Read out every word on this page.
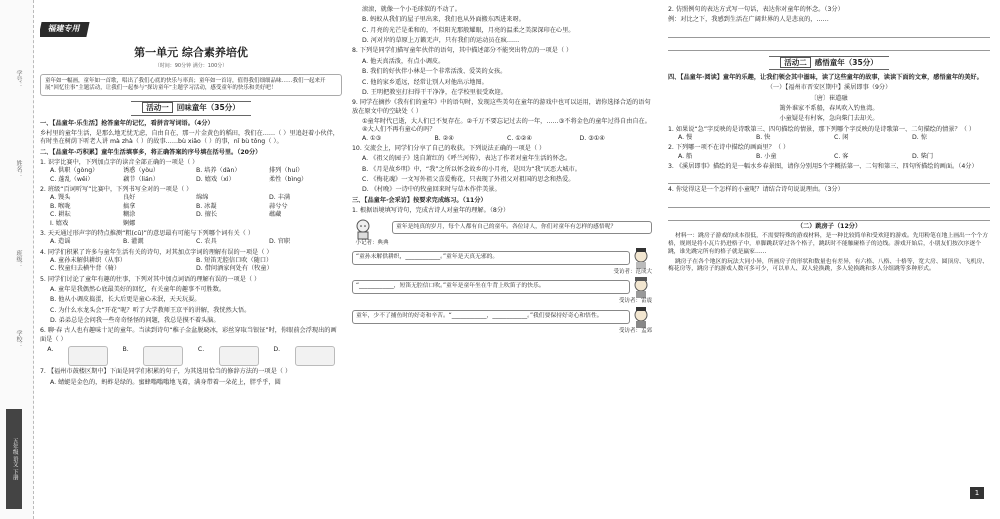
学号：
姓名：
班级：
学校：
五年级 语文 下册
福建专用
第一单元 综合素养培优
（时间：90分钟 满分：100分）
童年如一幅画，童年如一首歌，唱出了我们心底的快乐与率真；童年如一首诗，值得我们细细品味……我们一起来开展“回忆往事”主题活动，让我们一起参与“探访童年”主题学习活动，感受童年的快乐和美好吧！
活动一 回味童年（35分）
一、【品童年·乐生活】抢答童年的记忆，看拼音写词语。（4分）
乡村里的童年生活，是那么地无忧无虑，自由自在，那一片金黄色的稻田，我们在……（ ）里追赶着小伙伴，有时坐在树荫下听老人讲 mà zhà（ ）的故事……bù xiǎo（ ）的事，nǐ bù tǒng（ ）。
二、【品童年·巧积累】童年生活填事多，将正确答案的序号填在括号里。（20分）
1. 识字比赛中，下列加点字的读音全部正确的一项是（ ）
A. 供职（gòng）	诱惑（yòu）	B. 培养（dàn）	排列（huí）
C. 蓬乱（wēi）	藕节（lián）	D. 嬉戏（xì）	柔性（bìng）
2. 班级“百词听写”比赛中，下列书写全对的一项是（ ）
A. 馒头	良好	绵绵	D. 丰满
B. 喉咙	搞拿	B. 冰凝	蒜兮兮
C. 耕耘	糊涂	D. 擅长	蕴藏
I. 嬉戏	婀娜
3. 天天通过形声字的特点推测“粗(cū)”的意思最有可能与下列哪个词有关（ ）
A. 造谣	B. 灌溉	C. 农具	D. 官职
4. 同学们积累了许多与童年生活有关的诗句，对其加点字词的理解有误的一项是（ ）
A. 童孙未解供耕织（从事）	B. 短笛无腔信口吹（随口）
C. 牧童归去横牛背（骑）	D. 借问酒家何处有（牧童）
5. 同学们讨论了童年有趣的往事，下列对其中加点词语的理解有误的一项是（ ）
A. 童年是我偶然心底最美好的回忆，有关童年的趣事不可胜数。
B. 他从小调皮捣蛋，长大后更是童心未泯，天天玩耍。
C. 为什么水龙头会“开花”呢？听了大学教师王京平的讲解，我恍然大悟。
D. 弟弟总是会问我一些奇奇怪怪的问题，我总是摸不着头脑。
6. 聊·春 古人也有趣味十足的童年。当读到诗句“稚子金盆脱晓冰，彩丝穿取当银钲”时，你眼前会浮现出的画面是（ ）
A.	B.	C.	D.
7. 【福州市鼓楼区期中】下面是同学们积累的句子，为其选用恰当的修辞方法的一项是（ ）
A. 蜻蜓是金色的，蚂蚱是绿的。蜜蜂嗡嗡嗡地飞着，满身带着一朵花上，胖乎乎，圆
滚滚，就像一个小毛球似的不动了。
B. 蚂蚁从我们的屋子里出来，我们也从外面搬东西进来呀。
C. 月亮的光芒是柔和的，不似阳光那般耀眼，月亮的温柔之美深深印在心里。
D. 河对岸的草原上万籁无声，只有我们的运动员在疯……
8. 下列是同学们描写童年伙伴的语句，其中描述部分不能突出特点的一项是（ ）
A. 他天真活泼，有点小调皮。
B. 我们的好伙伴小林是一个非常活泼、爱笑的女孩。
C. 他的家乡遥远，经常让别人对他出示地图。
D. 王明把教室打扫得干干净净，在学校里很受欢迎。
9. 同学在摘抄《我有们的童年》中的语句时，发现这些美句在童年的游戏中也可以运用，请你选择合适的语句放在原文中的空缺处（ ）
①童年时代已逝，大人们已不复存在。②千万不要忘记过去的一年，……③不将金色的童年过得自由自在。④大人们不再有童心的吗？
A. ①③	B. ②④	C. ①②④	D. ③①④
10. 交流会上，同学们分享了自己的收获。下列说法正确的一项是（ ）
A. 《祖父的园子》选自萧红的《呼兰河传》，表达了作者对童年生活的怀念。
B. 《月是故乡明》中，“我”之所以怀念故乡的小月亮，是因为“我”厌恶大城市。
C. 《梅花魂》一文写外祖父喜爱梅花，只表现了外祖父对祖国的思念和热爱。
D. 《村晚》一诗中的牧童回来时与草木作伴美景。
三、【品童年·会采访】按要求完成练习。（11分）
1. 根据语境填写诗句，完成古诗人对童年的理解。（8分）
小记者：典典
童年是纯真的岁月，每个人都有自己的童年。各位诗人，你们对童年有怎样的感悟呢？
“童孙未解供耕织，____________。”童年是天真无邪的。
受访者：范成大
“____________，短笛无腔信口吹。”童年是童年坐在牛背上吹笛子的快乐。
受访者：雷震
童年，少不了捕鱼时的好奇和辛苦。“____________，____________。”我们要保持好奇心和悟性。
受访者：孟郊
2. 仿照例句的表达方式写一句话，表达你对童年的怀念。（3分）
例：对比之下，我感到生活在广阔世界的人是悲哀的，……
活动二 感悟童年（35分）
四、【品童年·阅读】童年的乐趣，让我们领会其中滋味，读了这些童年的故事，读读下面的文章，感悟童年的美好。
（一）【福州市晋安区期中】溪居即事（9分）
〔唐〕崔道融
篱外谁家不系船，春风吹入钓鱼湾。
小童疑是有村客，急向柴门去却关。
1. 如果说“急”字反映的是诗歌第三、四句描绘的情景，那下列哪个字反映的是诗歌第一、二句描绘的情景？（ ）
A. 慢	B. 快	C. 闲	D. 惊
2. 下列哪一项不在诗中描绘的画面里？（ ）
A. 船	B. 小童	C. 客	D. 柴门
3. 《溪居即事》描绘的是一幅水乡春景图，请你分别用5个字概括第一、二句和第三、四句所描绘的画面。（4分）
4. 你觉得这是一个怎样的小童呢？请结合诗句说说理由。（3分）
（二）跳房子（12分）
材料一：跳房子游戏的成本很低，不需要特殊的游戏材料，是一种比较简单和受欢迎的游戏。先用粉笔在地上画出一个个方格，规则是将小瓦片扔进格子中，单脚跳跃穿过各个格子，跳跃时不能触碰格子的边线。游戏开始后，小朋友们按次序逐个跳，谁先跳完所有的格子就是赢家……
跳房子在各个地区的玩法大同小异，所画房子的形状和数量也有差异，有六格、八格、十格等，宽大房、圆顶房、飞机房、梅花房等，跳房子的游戏人数可多可少，可以单人、双人轮换跳，多人轮换跳和多人分组跳等多种形式。
1
